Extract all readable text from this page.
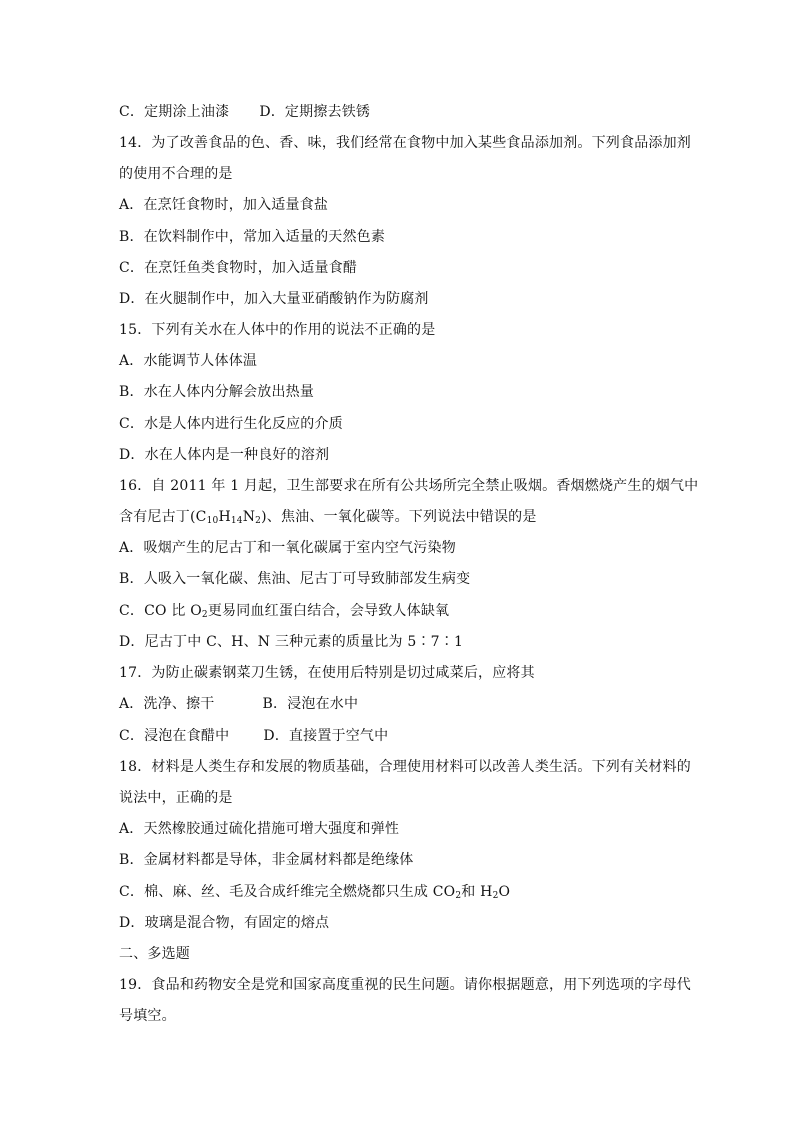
C．定期涂上油漆 D．定期擦去铁锈
14．为了改善食品的色、香、味，我们经常在食物中加入某些食品添加剂。下列食品添加剂
的使用不合理的是
A．在烹饪食物时，加入适量食盐
B．在饮料制作中，常加入适量的天然色素
C．在烹饪鱼类食物时，加入适量食醋
D．在火腿制作中，加入大量亚硝酸钠作为防腐剂
15．下列有关水在人体中的作用的说法不正确的是
A．水能调节人体体温
B．水在人体内分解会放出热量
C．水是人体内进行生化反应的介质
D．水在人体内是一种良好的溶剂
16．自 2011 年 1 月起，卫生部要求在所有公共场所完全禁止吸烟。香烟燃烧产生的烟气中
含有尼古丁$(C_{10}H_{14}N_2)$、焦油、一氧化碳等。下列说法中错误的是
A．吸烟产生的尼古丁和一氧化碳属于室内空气污染物
B．人吸入一氧化碳、焦油、尼古丁可导致肺部发生病变
C．CO 比 $O_2$更易同血红蛋白结合，会导致人体缺氧
D．尼古丁中 C、H、N 三种元素的质量比为 5∶7∶1
17．为防止碳素钢菜刀生锈，在使用后特别是切过咸菜后，应将其
A．洗净、擦干	B．浸泡在水中
C．浸泡在食醋中 D．直接置于空气中
18．材料是人类生存和发展的物质基础，合理使用材料可以改善人类生活。下列有关材料的
说法中，正确的是
A．天然橡胶通过硫化措施可增大强度和弹性
B．金属材料都是导体，非金属材料都是绝缘体
C．棉、麻、丝、毛及合成纤维完全燃烧都只生成 $CO_2$和 $H_2O$
D．玻璃是混合物，有固定的熔点
二、多选题
19．食品和药物安全是党和国家高度重视的民生问题。请你根据题意，用下列选项的字母代
号填空。
